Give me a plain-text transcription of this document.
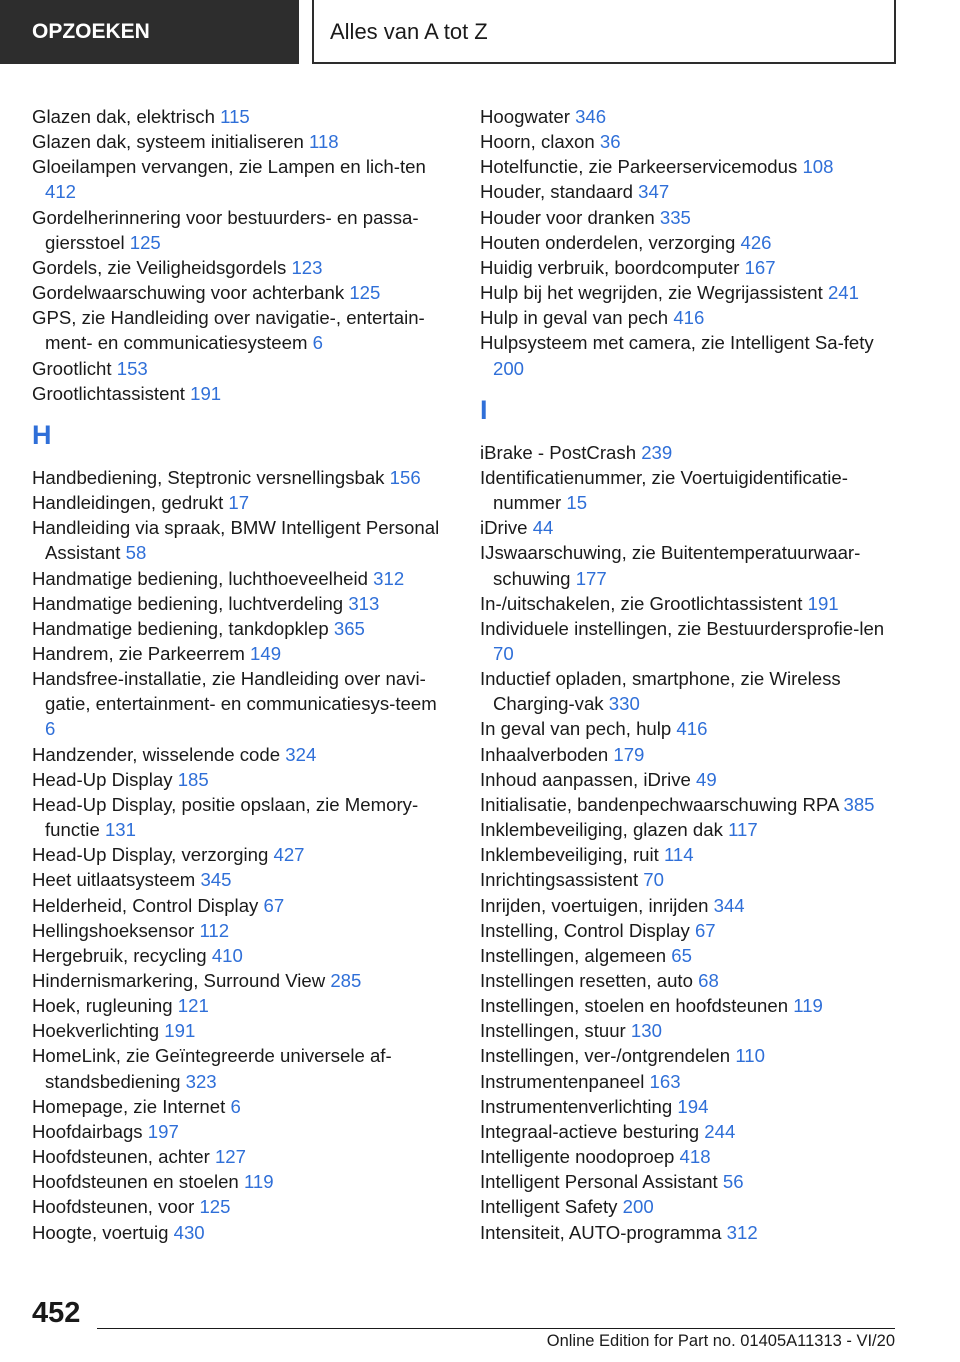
OPZOEKEN	Alles van A tot Z
Glazen dak, elektrisch 115
Glazen dak, systeem initialiseren 118
Gloeilampen vervangen, zie Lampen en lich-ten 412
Gordelherinnering voor bestuurders- en passa-giersstoel 125
Gordels, zie Veiligheidsgordels 123
Gordelwaarschuwing voor achterbank 125
GPS, zie Handleiding over navigatie-, entertain-ment- en communicatiesysteem 6
Grootlicht 153
Grootlichtassistent 191
H
Handbediening, Steptronic versnellingsbak 156
Handleidingen, gedrukt 17
Handleiding via spraak, BMW Intelligent Personal Assistant 58
Handmatige bediening, luchthoeveelheid 312
Handmatige bediening, luchtverdeling 313
Handmatige bediening, tankdopklep 365
Handrem, zie Parkeerrem 149
Handsfree-installatie, zie Handleiding over navi-gatie, entertainment- en communicatiesys-teem 6
Handzender, wisselende code 324
Head-Up Display 185
Head-Up Display, positie opslaan, zie Memory-functie 131
Head-Up Display, verzorging 427
Heet uitlaatsysteem 345
Helderheid, Control Display 67
Hellingshoeksensor 112
Hergebruik, recycling 410
Hindernismarkering, Surround View 285
Hoek, rugleuning 121
Hoekverlichting 191
HomeLink, zie Geïntegreerde universele af-standsbediening 323
Homepage, zie Internet 6
Hoofdairbags 197
Hoofdsteunen, achter 127
Hoofdsteunen en stoelen 119
Hoofdsteunen, voor 125
Hoogte, voertuig 430
Hoogwater 346
Hoorn, claxon 36
Hotelfunctie, zie Parkeerservicemodus 108
Houder, standaard 347
Houder voor dranken 335
Houten onderdelen, verzorging 426
Huidig verbruik, boordcomputer 167
Hulp bij het wegrijden, zie Wegrijassistent 241
Hulp in geval van pech 416
Hulpsysteem met camera, zie Intelligent Sa-fety 200
I
iBrake - PostCrash 239
Identificatienummer, zie Voertuigidentificatie-nummer 15
iDrive 44
IJswaarschuwing, zie Buitentemperatuurwaar-schuwing 177
In-/uitschakelen, zie Grootlichtassistent 191
Individuele instellingen, zie Bestuurdersprofie-len 70
Inductief opladen, smartphone, zie Wireless Charging-vak 330
In geval van pech, hulp 416
Inhaalverboden 179
Inhoud aanpassen, iDrive 49
Initialisatie, bandenpechwaarschuwing RPA 385
Inklembeveiliging, glazen dak 117
Inklembeveiliging, ruit 114
Inrichtingsassistent 70
Inrijden, voertuigen, inrijden 344
Instelling, Control Display 67
Instellingen, algemeen 65
Instellingen resetten, auto 68
Instellingen, stoelen en hoofdsteunen 119
Instellingen, stuur 130
Instellingen, ver-/ontgrendelen 110
Instrumentenpaneel 163
Instrumentenverlichting 194
Integraal-actieve besturing 244
Intelligente noodoproep 418
Intelligent Personal Assistant 56
Intelligent Safety 200
Intensiteit, AUTO-programma 312
452
Online Edition for Part no. 01405A11313 - VI/20
